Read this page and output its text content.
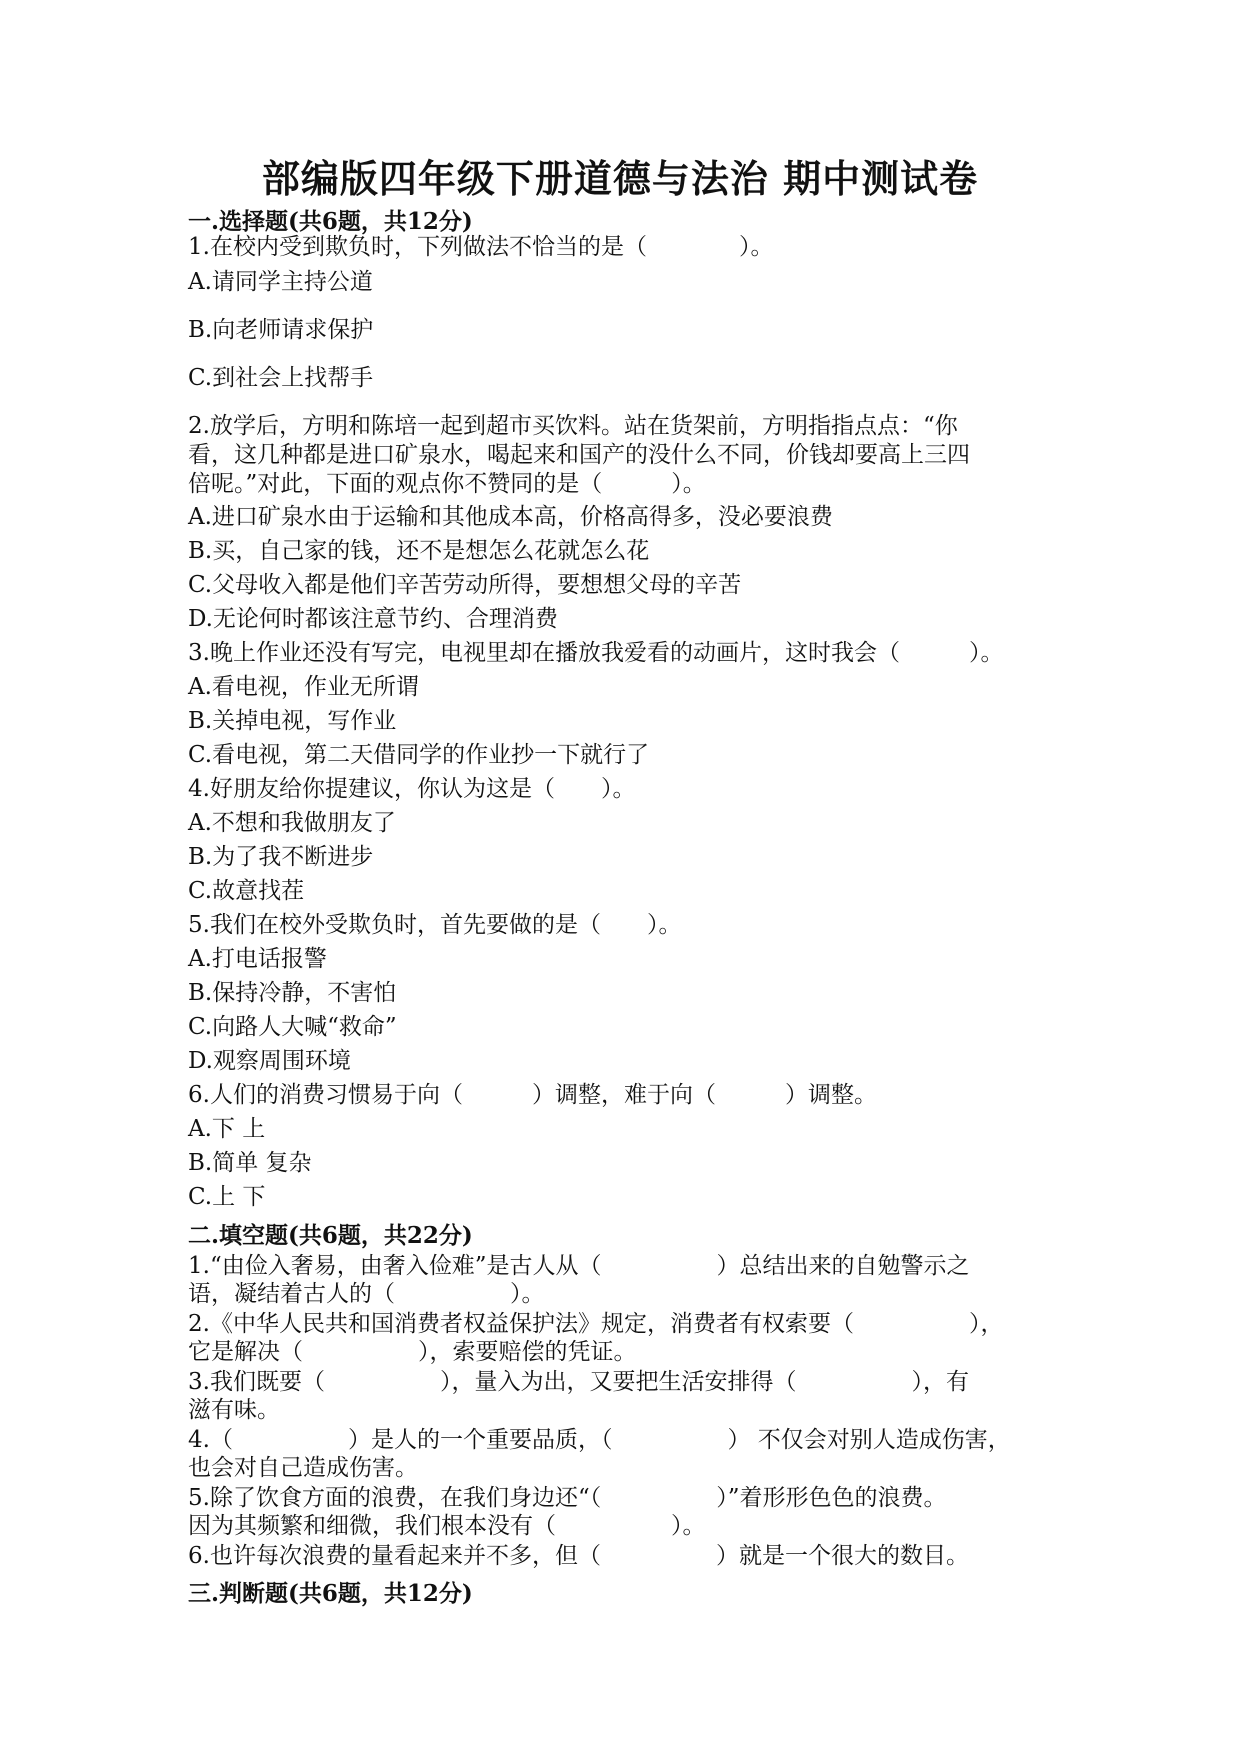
部编版四年级下册道德与法治 期中测试卷
一.选择题(共6题，共12分)
1.在校内受到欺负时，下列做法不恰当的是（　　　　）。
A.请同学主持公道
B.向老师请求保护
C.到社会上找帮手
2.放学后，方明和陈培一起到超市买饮料。站在货架前，方明指指点点：“你
看，这几种都是进口矿泉水，喝起来和国产的没什么不同，价钱却要高上三四
倍呢。”对此，下面的观点你不赞同的是（　　　）。
A.进口矿泉水由于运输和其他成本高，价格高得多，没必要浪费
B.买，自己家的钱，还不是想怎么花就怎么花
C.父母收入都是他们辛苦劳动所得，要想想父母的辛苦
D.无论何时都该注意节约、合理消费
3.晚上作业还没有写完，电视里却在播放我爱看的动画片，这时我会（　　　）。
A.看电视，作业无所谓
B.关掉电视，写作业
C.看电视，第二天借同学的作业抄一下就行了
4.好朋友给你提建议，你认为这是（　　）。
A.不想和我做朋友了
B.为了我不断进步
C.故意找茬
5.我们在校外受欺负时，首先要做的是（　　）。
A.打电话报警
B.保持冷静，不害怕
C.向路人大喊“救命”
D.观察周围环境
6.人们的消费习惯易于向（　　　）调整，难于向（　　　）调整。
A.下 上
B.简单 复杂
C.上 下
二.填空题(共6题，共22分)
1.“由俭入奢易，由奢入俭难”是古人从（　　　　　）总结出来的自勉警示之
语，凝结着古人的（　　　　　）。
2.《中华人民共和国消费者权益保护法》规定，消费者有权索要（　　　　　），
它是解决（　　　　　），索要赔偿的凭证。
3.我们既要（　　　　　），量入为出，又要把生活安排得（　　　　　），有
滋有味。
4.（　　　　　）是人的一个重要品质，（　　　　　） 不仅会对别人造成伤害，
也会对自己造成伤害。
5.除了饮食方面的浪费，在我们身边还“（　　　　　）”着形形色色的浪费。
因为其频繁和细微，我们根本没有（　　　　　）。
6.也许每次浪费的量看起来并不多，但（　　　　　）就是一个很大的数目。
三.判断题(共6题，共12分)
